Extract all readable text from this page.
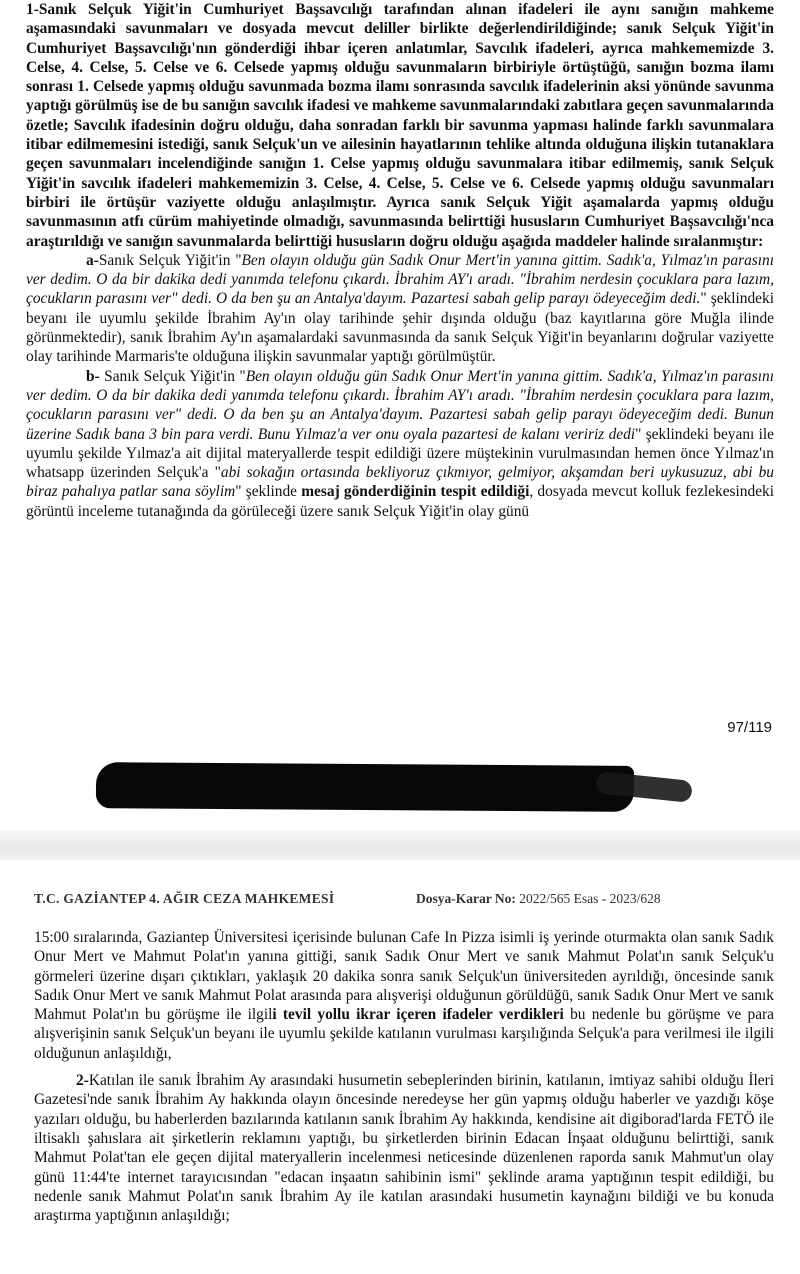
1-Sanık Selçuk Yiğit'in Cumhuriyet Başsavcılığı tarafından alınan ifadeleri ile aynı sanığın mahkeme aşamasındaki savunmaları ve dosyada mevcut deliller birlikte değerlendirildiğinde; sanık Selçuk Yiğit'in Cumhuriyet Başsavcılığı'nın gönderdiği ihbar içeren anlatımlar, Savcılık ifadeleri, ayrıca mahkememizde 3. Celse, 4. Celse, 5. Celse ve 6. Celsede yapmış olduğu savunmaların birbiriyle örtüştüğü, sanığın bozma ilamı sonrası 1. Celsede yapmış olduğu savunmada bozma ilamı sonrasında savcılık ifadelerinin aksi yönünde savunma yaptığı görülmüş ise de bu sanığın savcılık ifadesi ve mahkeme savunmalarındaki zabıtlara geçen savunmalarında özetle; Savcılık ifadesinin doğru olduğu, daha sonradan farklı bir savunma yapması halinde farklı savunmalara itibar edilmemesini istediği, sanık Selçuk'un ve ailesinin hayatlarının tehlike altında olduğuna ilişkin tutanaklara geçen savunmaları incelendiğinde sanığın 1. Celse yapmış olduğu savunmalara itibar edilmemiş, sanık Selçuk Yiğit'in savcılık ifadeleri mahkememizin 3. Celse, 4. Celse, 5. Celse ve 6. Celsede yapmış olduğu savunmaları birbiri ile örtüşür vaziyette olduğu anlaşılmıştır. Ayrıca sanık Selçuk Yiğit aşamalarda yapmış olduğu savunmasının atfı cürüm mahiyetinde olmadığı, savunmasında belirttiği hususların Cumhuriyet Başsavcılığı'nca araştırıldığı ve sanığın savunmalarda belirttiği hususların doğru olduğu aşağıda maddeler halinde sıralanmıştır:

a-Sanık Selçuk Yiğit'in "Ben olayın olduğu gün Sadık Onur Mert'in yanına gittim. Sadık'a, Yılmaz'ın parasını ver dedim. O da bir dakika dedi yanımda telefonu çıkardı. İbrahim AY'ı aradı. "İbrahim nerdesin çocuklara para lazım, çocukların parasını ver" dedi. O da ben şu an Antalya'dayım. Pazartesi sabah gelip parayı ödeyeceğim dedi." şeklindeki beyanı ile uyumlu şekilde İbrahim Ay'ın olay tarihinde şehir dışında olduğu (baz kayıtlarına göre Muğla ilinde görünmektedir), sanık İbrahim Ay'ın aşamalardaki savunmasında da sanık Selçuk Yiğit'in beyanlarını doğrular vaziyette olay tarihinde Marmaris'te olduğuna ilişkin savunmalar yaptığı görülmüştür.

b- Sanık Selçuk Yiğit'in "Ben olayın olduğu gün Sadık Onur Mert'in yanına gittim. Sadık'a, Yılmaz'ın parasını ver dedim. O da bir dakika dedi yanımda telefonu çıkardı. İbrahim AY'ı aradı. "İbrahim nerdesin çocuklara para lazım, çocukların parasını ver" dedi. O da ben şu an Antalya'dayım. Pazartesi sabah gelip parayı ödeyeceğim dedi. Bunun üzerine Sadık bana 3 bin para verdi. Bunu Yılmaz'a ver onu oyala pazartesi de kalanı veririz dedi" şeklindeki beyanı ile uyumlu şekilde Yılmaz'a ait dijital materyallerde tespit edildiği üzere müştekinin vurulmasından hemen önce Yılmaz'ın whatsapp üzerinden Selçuk'a "abi sokağın ortasında bekliyoruz çıkmıyor, gelmiyor, akşamdan beri uykusuzuz, abi bu biraz pahalıya patlar sana söylim" şeklinde mesaj gönderdiğinin tespit edildiği, dosyada mevcut kolluk fezlekesindeki görüntü inceleme tutanağında da görüleceği üzere sanık Selçuk Yiğit'in olay günü

97/119
T.C. GAZİANTEP 4. AĞIR CEZA MAHKEMESİ	Dosya-Karar No: 2022/565 Esas - 2023/628

15:00 sıralarında, Gaziantep Üniversitesi içerisinde bulunan Cafe In Pizza isimli iş yerinde oturmakta olan sanık Sadık Onur Mert ve Mahmut Polat'ın yanına gittiği, sanık Sadık Onur Mert ve sanık Mahmut Polat'ın sanık Selçuk'u görmeleri üzerine dışarı çıktıkları, yaklaşık 20 dakika sonra sanık Selçuk'un üniversiteden ayrıldığı, öncesinde sanık Sadık Onur Mert ve sanık Mahmut Polat arasında para alışverişi olduğunun görüldüğü, sanık Sadık Onur Mert ve sanık Mahmut Polat'ın bu görüşme ile ilgili tevil yollu ikrar içeren ifadeler verdikleri bu nedenle bu görüşme ve para alışverişinin sanık Selçuk'un beyanı ile uyumlu şekilde katılanın vurulması karşılığında Selçuk'a para verilmesi ile ilgili olduğunun anlaşıldığı,

2-Katılan ile sanık İbrahim Ay arasındaki husumetin sebeplerinden birinin, katılanın, imtiyaz sahibi olduğu İleri Gazetesi'nde sanık İbrahim Ay hakkında olayın öncesinde neredeyse her gün yapmış olduğu haberler ve yazdığı köşe yazıları olduğu, bu haberlerden bazılarında katılanın sanık İbrahim Ay hakkında, kendisine ait digiborad'larda FETÖ ile iltisaklı şahıslara ait şirketlerin reklamını yaptığı, bu şirketlerden birinin Edacan İnşaat olduğunu belirttiği, sanık Mahmut Polat'tan ele geçen dijital materyallerin incelenmesi neticesinde düzenlenen raporda sanık Mahmut'un olay günü 11:44'te internet tarayıcısından "edacan inşaatın sahibinin ismi" şeklinde arama yaptığının tespit edildiği, bu nedenle sanık Mahmut Polat'ın sanık İbrahim Ay ile katılan arasındaki husumetin kaynağını bildiği ve bu konuda araştırma yaptığının anlaşıldığı;
